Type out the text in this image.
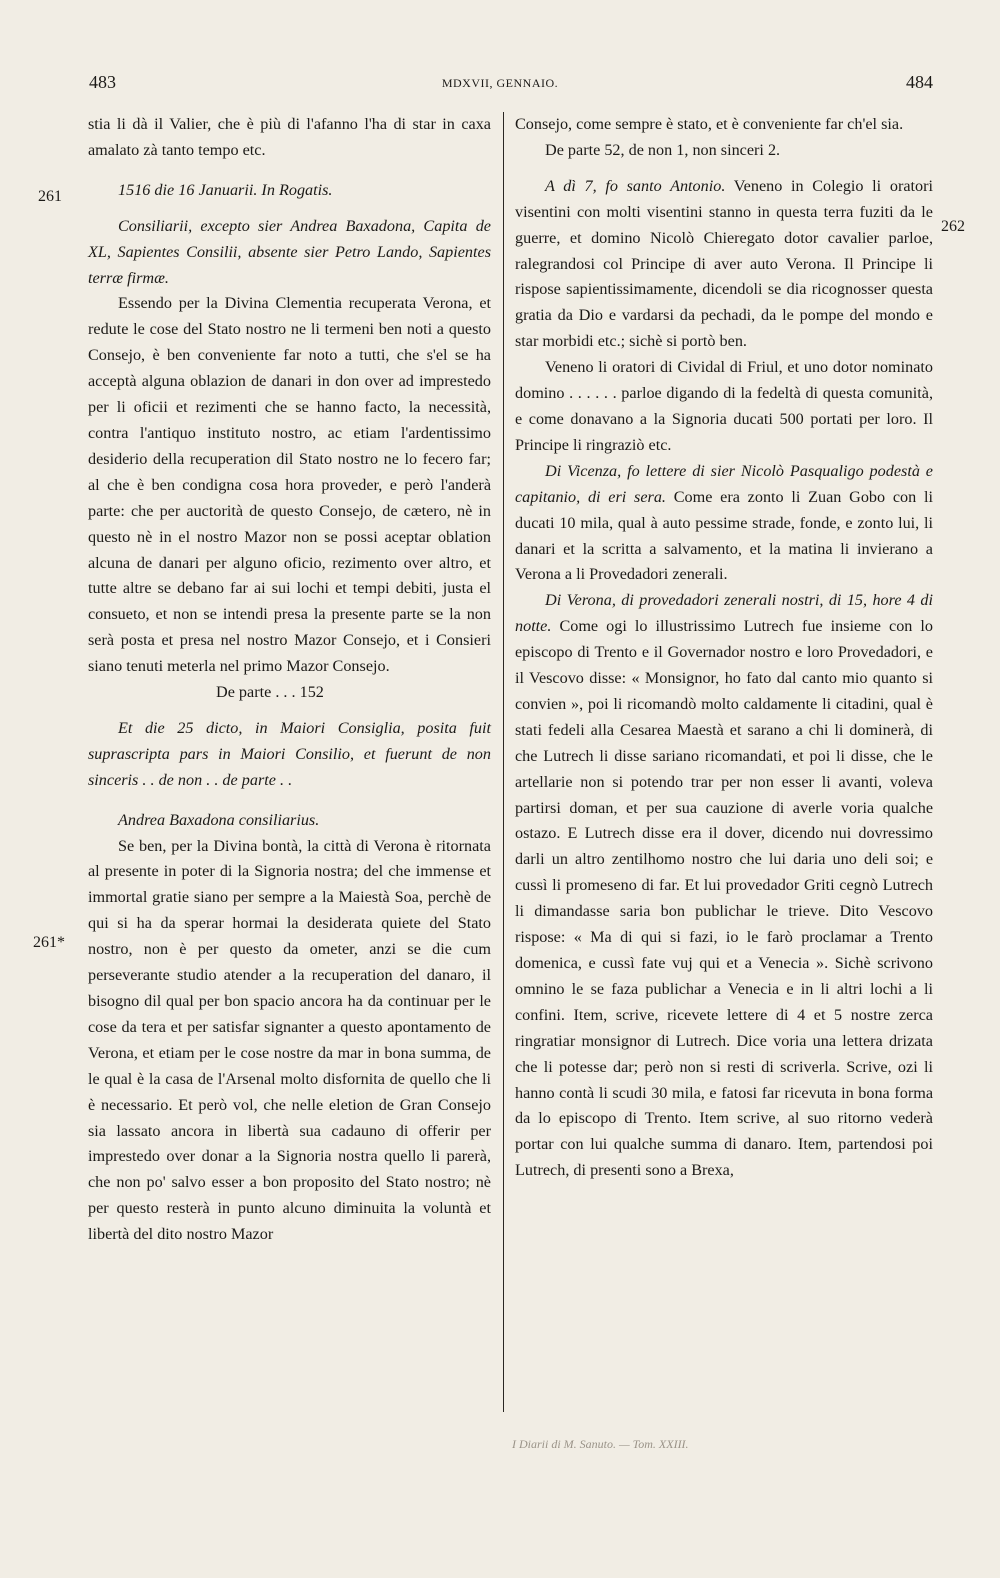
483	MDXVII, GENNAIO.	484
261
261*
262

stia li dà il Valier, che è più di l'afanno l'ha di star in caxa amalato zà tanto tempo etc.

1516 die 16 Januarii. In Rogatis.

Consiliarii, excepto sier Andrea Baxadona, Capita de XL, Sapientes Consilii, absente sier Petro Lando, Sapientes terræ firmæ.

Essendo per la Divina Clementia recuperata Verona, et redute le cose del Stato nostro ne li termeni ben noti a questo Consejo, è ben conveniente far noto a tutti, che s'el se ha acceptà alguna oblazion de danari in don over ad imprestedo per li oficii et rezimenti che se hanno facto, la necessità, contra l'antiquo instituto nostro, ac etiam l'ardentissimo desiderio della recuperation dil Stato nostro ne lo fecero far; al che è ben condigna cosa hora proveder, e però l'anderà parte: che per auctorità de questo Consejo, de cætero, nè in questo nè in el nostro Mazor non se possi aceptar oblation alcuna de danari per alguno oficio, rezimento over altro, et tutte altre se debano far ai sui lochi et tempi debiti, justa el consueto, et non se intendi presa la presente parte se la non serà posta et presa nel nostro Mazor Consejo, et i Consieri siano tenuti meterla nel primo Mazor Consejo.

De parte . . . 152

Et die 25 dicto, in Maiori Consiglia, posita fuit suprascripta pars in Maiori Consilio, et fuerunt de non sinceris . . de non . . de parte . .

Andrea Baxadona consiliarius.

Se ben, per la Divina bontà, la città di Verona è ritornata al presente in poter di la Signoria nostra; del che immense et immortal gratie siano per sempre a la Maiestà Soa, perchè de qui si ha da sperar hormai la desiderata quiete del Stato nostro, non è per questo da ometer, anzi se die cum perseverante studio atender a la recuperation del danaro, il bisogno dil qual per bon spacio ancora ha da continuar per le cose da tera et per satisfar signanter a questo apontamento de Verona, et etiam per le cose nostre da mar in bona summa, de le qual è la casa de l'Arsenal molto disfornita de quello che li è necessario. Et però vol, che nelle eletion de Gran Consejo sia lassato ancora in libertà sua cadauno di offerir per imprestedo over donar a la Signoria nostra quello li parerà, che non po' salvo esser a bon proposito del Stato nostro; nè per questo resterà in punto alcuno diminuita la voluntà et libertà del dito nostro Mazor

Consejo, come sempre è stato, et è conveniente far ch'el sia.

De parte 52, de non 1, non sinceri 2.

A dì 7, fo santo Antonio. Veneno in Colegio li oratori visentini con molti visentini stanno in questa terra fuziti da le guerre, et domino Nicolò Chieregato dotor cavalier parloe, ralegrandosi col Principe di aver auto Verona. Il Principe li rispose sapientissimamente, dicendoli se dia ricognosser questa gratia da Dio e vardarsi da pechadi, da le pompe del mondo e star morbidi etc.; sichè si portò ben.

Veneno li oratori di Cividal di Friul, et uno dotor nominato domino . . . . . . parloe digando di la fedeltà di questa comunità, e come donavano a la Signoria ducati 500 portati per loro. Il Principe li ringraziò etc.

Di Vicenza, fo lettere di sier Nicolò Pasqualigo podestà e capitanio, di eri sera. Come era zonto li Zuan Gobo con li ducati 10 mila, qual à auto pessime strade, fonde, e zonto lui, li danari et la scritta a salvamento, et la matina li invierano a Verona a li Provedadori zenerali.

Di Verona, di provedadori zenerali nostri, di 15, hore 4 di notte. Come ogi lo illustrissimo Lutrech fue insieme con lo episcopo di Trento e il Governador nostro e loro Provedadori, e il Vescovo disse: « Monsignor, ho fato dal canto mio quanto si convien », poi li ricomandò molto caldamente li citadini, qual è stati fedeli alla Cesarea Maestà et sarano a chi li dominerà, di che Lutrech li disse sariano ricomandati, et poi li disse, che le artellarie non si potendo trar per non esser li avanti, voleva partirsi doman, et per sua cauzione di averle voria qualche ostazo. E Lutrech disse era il dover, dicendo nui dovressimo darli un altro zentilhomo nostro che lui daria uno deli soi; e cussì li promeseno di far. Et lui provedador Griti cegnò Lutrech li dimandasse saria bon publichar le trieve. Dito Vescovo rispose: « Ma di qui si fazi, io le farò proclamar a Trento domenica, e cussì fate vuj qui et a Venecia ». Sichè scrivono omnino le se faza publichar a Venecia e in li altri lochi a li confini. Item, scrive, ricevete lettere di 4 et 5 nostre zerca ringratiar monsignor di Lutrech. Dice voria una lettera drizata che li potesse dar; però non si resti di scriverla. Scrive, ozi li hanno contà li scudi 30 mila, e fatosi far ricevuta in bona forma da lo episcopo di Trento. Item scrive, al suo ritorno vederà portar con lui qualche summa di danaro. Item, partendosi poi Lutrech, di presenti sono a Brexa,

I Diarii di M. Sanuto. — Tom. XXIII.
